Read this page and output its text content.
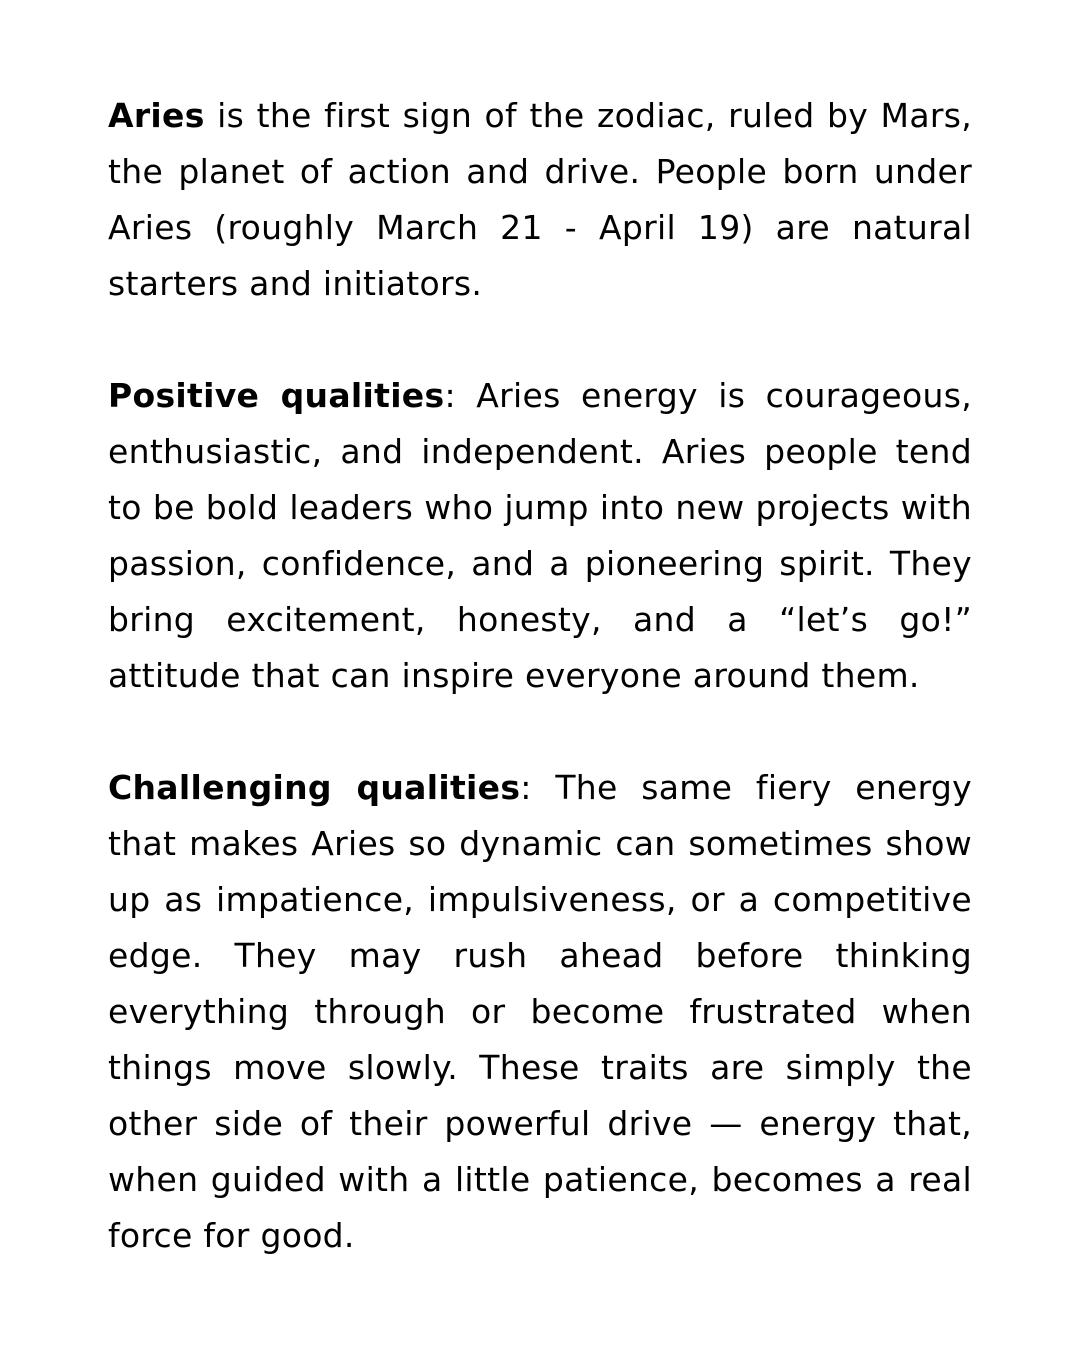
Aries is the first sign of the zodiac, ruled by Mars, the planet of action and drive. People born under Aries (roughly March 21 - April 19) are natural starters and initiators.

Positive qualities: Aries energy is courageous, enthusiastic, and independent. Aries people tend to be bold leaders who jump into new projects with passion, confidence, and a pioneering spirit. They bring excitement, honesty, and a “let’s go!” attitude that can inspire everyone around them.

Challenging qualities: The same fiery energy that makes Aries so dynamic can sometimes show up as impatience, impulsiveness, or a competitive edge. They may rush ahead before thinking everything through or become frustrated when things move slowly. These traits are simply the other side of their powerful drive — energy that, when guided with a little patience, becomes a real force for good.
